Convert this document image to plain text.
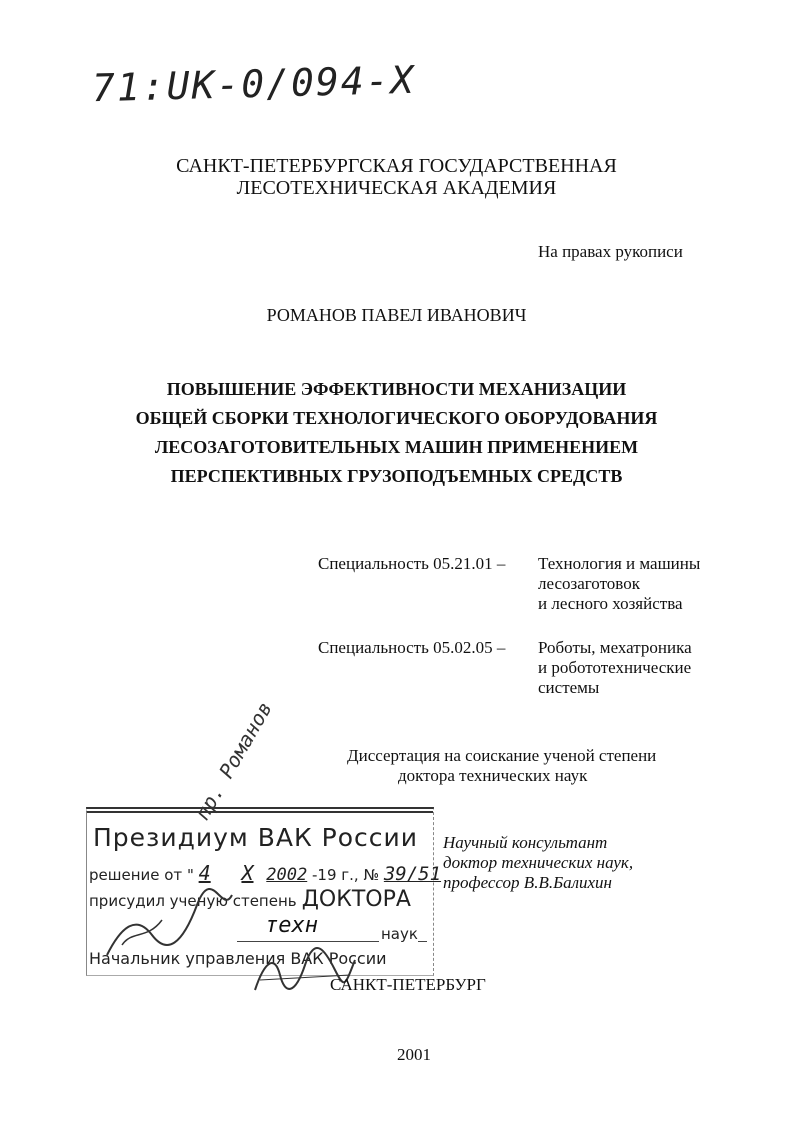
71:UK-0/094-X
САНКТ-ПЕТЕРБУРГСКАЯ ГОСУДАРСТВЕННАЯ
ЛЕСОТЕХНИЧЕСКАЯ АКАДЕМИЯ
На правах рукописи
РОМАНОВ ПАВЕЛ ИВАНОВИЧ
ПОВЫШЕНИЕ ЭФФЕКТИВНОСТИ МЕХАНИЗАЦИИ
ОБЩЕЙ СБОРКИ ТЕХНОЛОГИЧЕСКОГО ОБОРУДОВАНИЯ
ЛЕСОЗАГОТОВИТЕЛЬНЫХ МАШИН ПРИМЕНЕНИЕМ
ПЕРСПЕКТИВНЫХ ГРУЗОПОДЪЕМНЫХ СРЕДСТВ
Специальность 05.21.01 – Технология и машины
лесозаготовок
и лесного хозяйства
Специальность 05.02.05 – Роботы, мехатроника
и робототехнические
системы
Диссертация на соискание ученой степени
доктора технических наук
Президиум ВАК России
решение от " 4 X 2002 -19 г., № 39/51
присудил ученую степень ДОКТОРА
техн	наук
Начальник управления ВАК России
пр. Романов
Научный консультант
доктор технических наук,
профессор В.В.Балихин
САНКТ-ПЕТЕРБУРГ
2001
